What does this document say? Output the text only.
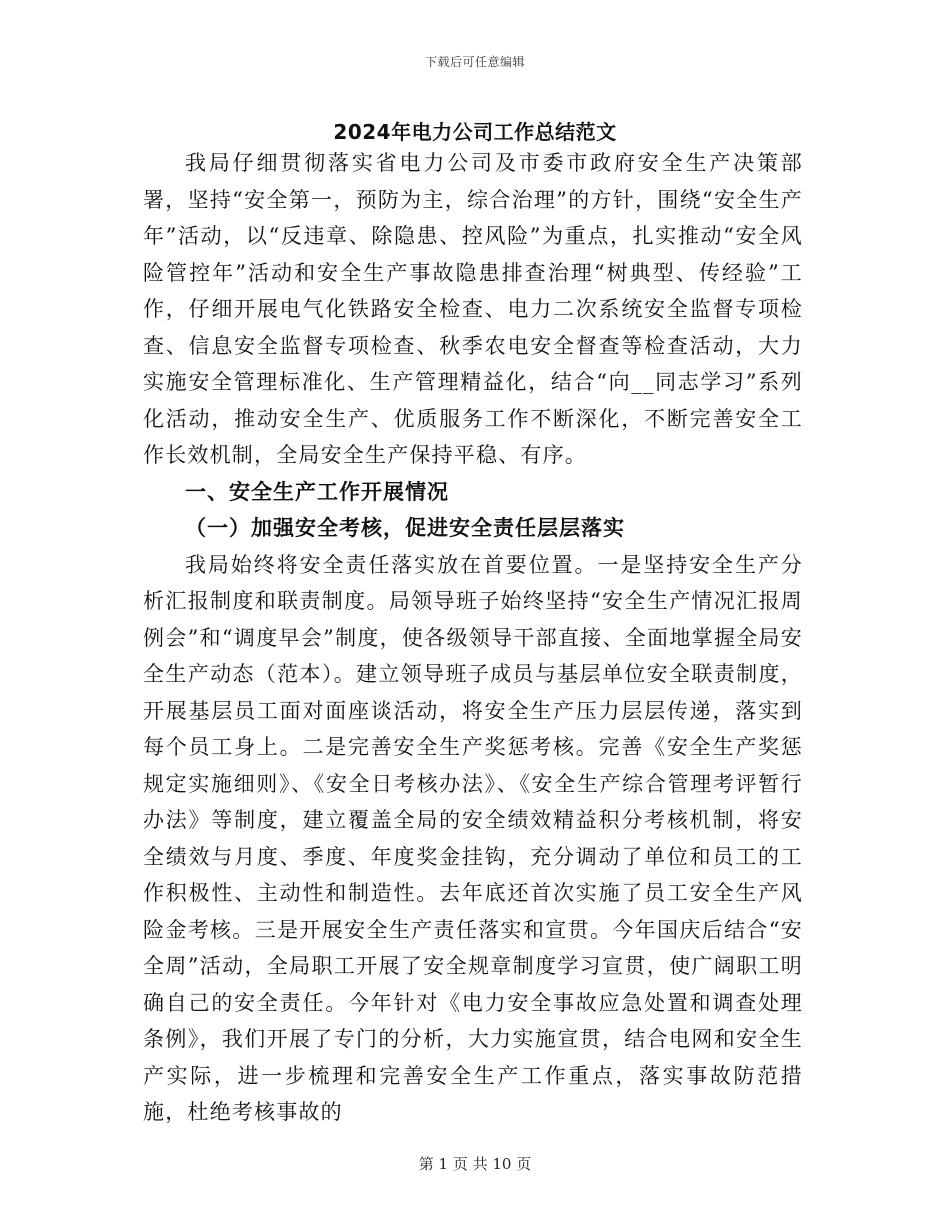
下载后可任意编辑
2024年电力公司工作总结范文

我局仔细贯彻落实省电力公司及市委市政府安全生产决策部署，坚持“安全第一，预防为主，综合治理”的方针，围绕“安全生产年”活动，以“反违章、除隐患、控风险”为重点，扎实推动“安全风险管控年”活动和安全生产事故隐患排查治理“树典型、传经验”工作，仔细开展电气化铁路安全检查、电力二次系统安全监督专项检查、信息安全监督专项检查、秋季农电安全督查等检查活动，大力实施安全管理标准化、生产管理精益化，结合“向__同志学习”系列化活动，推动安全生产、优质服务工作不断深化，不断完善安全工作长效机制，全局安全生产保持平稳、有序。

一、安全生产工作开展情况

（一）加强安全考核，促进安全责任层层落实

我局始终将安全责任落实放在首要位置。一是坚持安全生产分析汇报制度和联责制度。局领导班子始终坚持“安全生产情况汇报周例会”和“调度早会”制度，使各级领导干部直接、全面地掌握全局安全生产动态（范本）。建立领导班子成员与基层单位安全联责制度，开展基层员工面对面座谈活动，将安全生产压力层层传递，落实到每个员工身上。二是完善安全生产奖惩考核。完善《安全生产奖惩规定实施细则》、《安全日考核办法》、《安全生产综合管理考评暂行办法》等制度，建立覆盖全局的安全绩效精益积分考核机制，将安全绩效与月度、季度、年度奖金挂钩，充分调动了单位和员工的工作积极性、主动性和制造性。去年底还首次实施了员工安全生产风险金考核。三是开展安全生产责任落实和宣贯。今年国庆后结合“安全周”活动，全局职工开展了安全规章制度学习宣贯，使广阔职工明确自己的安全责任。今年针对《电力安全事故应急处置和调查处理条例》，我们开展了专门的分析，大力实施宣贯，结合电网和安全生产实际，进一步梳理和完善安全生产工作重点，落实事故防范措施，杜绝考核事故的

第 1 页 共 10 页
